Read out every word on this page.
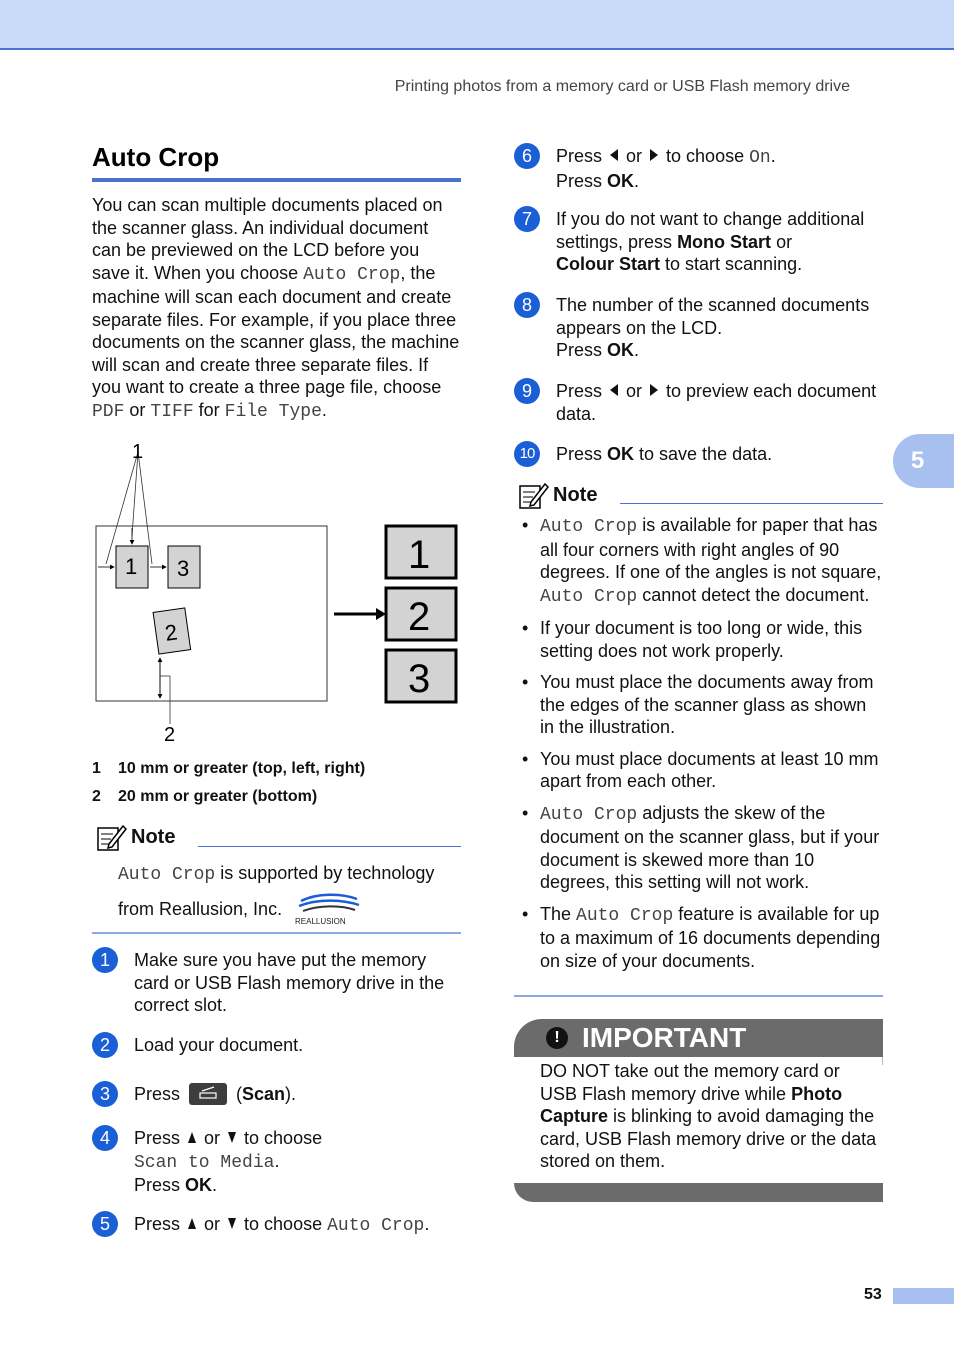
Printing photos from a memory card or USB Flash memory drive
Auto Crop
You can scan multiple documents placed on the scanner glass. An individual document can be previewed on the LCD before you save it. When you choose Auto Crop, the machine will scan each document and create separate files. For example, if you place three documents on the scanner glass, the machine will scan and create three separate files. If you want to create a three page file, choose PDF or TIFF for File Type.
1
1 3
2
2
1
2
3
1 10 mm or greater (top, left, right)
2 20 mm or greater (bottom)
Note
Auto Crop is supported by technology
from Reallusion, Inc.
REALLUSION
1	Make sure you have put the memory card or USB Flash memory drive in the correct slot.
2	Load your document.
3	Press	(Scan).
4	Press  or  to choose
Scan to Media.
Press OK.
5	Press  or  to choose Auto Crop.
6	Press  or  to choose On.
Press OK.
7	If you do not want to change additional settings, press Mono Start or
Colour Start to start scanning.
8	The number of the scanned documents appears on the LCD.
Press OK.
9	Press  or  to preview each document data.
10	Press OK to save the data.
Note
• Auto Crop is available for paper that has all four corners with right angles of 90 degrees. If one of the angles is not square, Auto Crop cannot detect the document.
• If your document is too long or wide, this setting does not work properly.
• You must place the documents away from the edges of the scanner glass as shown in the illustration.
• You must place documents at least 10 mm apart from each other.
• Auto Crop adjusts the skew of the document on the scanner glass, but if your document is skewed more than 10 degrees, this setting will not work.
• The Auto Crop feature is available for up to a maximum of 16 documents depending on size of your documents.
! IMPORTANT
DO NOT take out the memory card or USB Flash memory drive while Photo Capture is blinking to avoid damaging the card, USB Flash memory drive or the data stored on them.
5
53
